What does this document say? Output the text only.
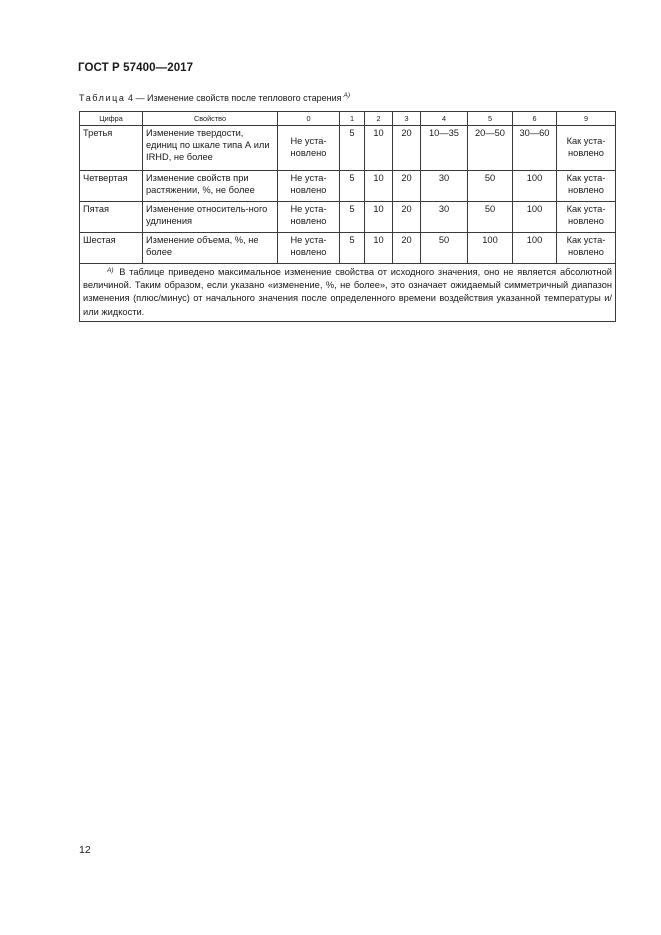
ГОСТ Р 57400—2017
Таблица 4 — Изменение свойств после теплового старения $^{А)}$
Цифра	Свойство	0	1	2	3	4	5	6	9
Третья	Изменение твердости, единиц по шкале типа А или IRHD, не более	Не уста-новлено	5	10	20	10—35	20—50	30—60	Как уста-новлено
Четвертая	Изменение свойств при растяжении, %, не более	Не уста-новлено	5	10	20	30	50	100	Как уста-новлено
Пятая	Изменение относитель-ного удлинения	Не уста-новлено	5	10	20	30	50	100	Как уста-новлено
Шестая	Изменение объема, %, не более	Не уста-новлено	5	10	20	50	100	100	Как уста-новлено
$^{А)}$ В таблице приведено максимальное изменение свойства от исходного значения, оно не является абсолютной величиной. Таким образом, если указано «изменение, %, не более», это означает ожидаемый симметричный диапазон изменения (плюс/минус) от начального значения после определенного времени воздействия указанной температуры и/или жидкости.									
12
